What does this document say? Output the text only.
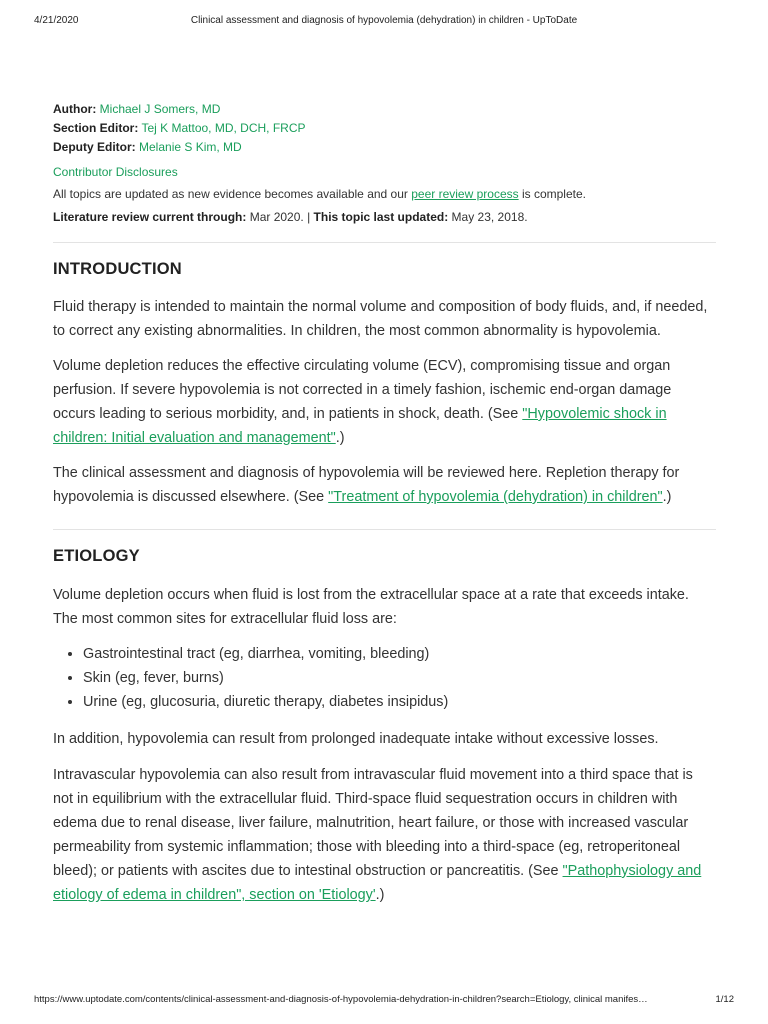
4/21/2020	Clinical assessment and diagnosis of hypovolemia (dehydration) in children - UpToDate
Author: Michael J Somers, MD
Section Editor: Tej K Mattoo, MD, DCH, FRCP
Deputy Editor: Melanie S Kim, MD
Contributor Disclosures
All topics are updated as new evidence becomes available and our peer review process is complete.
Literature review current through: Mar 2020. | This topic last updated: May 23, 2018.
INTRODUCTION

Fluid therapy is intended to maintain the normal volume and composition of body fluids, and, if needed, to correct any existing abnormalities. In children, the most common abnormality is hypovolemia.

Volume depletion reduces the effective circulating volume (ECV), compromising tissue and organ perfusion. If severe hypovolemia is not corrected in a timely fashion, ischemic end-organ damage occurs leading to serious morbidity, and, in patients in shock, death. (See "Hypovolemic shock in children: Initial evaluation and management".)

The clinical assessment and diagnosis of hypovolemia will be reviewed here. Repletion therapy for hypovolemia is discussed elsewhere. (See "Treatment of hypovolemia (dehydration) in children".)

ETIOLOGY

Volume depletion occurs when fluid is lost from the extracellular space at a rate that exceeds intake. The most common sites for extracellular fluid loss are:

• Gastrointestinal tract (eg, diarrhea, vomiting, bleeding)
• Skin (eg, fever, burns)
• Urine (eg, glucosuria, diuretic therapy, diabetes insipidus)

In addition, hypovolemia can result from prolonged inadequate intake without excessive losses.

Intravascular hypovolemia can also result from intravascular fluid movement into a third space that is not in equilibrium with the extracellular fluid. Third-space fluid sequestration occurs in children with edema due to renal disease, liver failure, malnutrition, heart failure, or those with increased vascular permeability from systemic inflammation; those with bleeding into a third-space (eg, retroperitoneal bleed); or patients with ascites due to intestinal obstruction or pancreatitis. (See "Pathophysiology and etiology of edema in children", section on 'Etiology'.)

https://www.uptodate.com/contents/clinical-assessment-and-diagnosis-of-hypovolemia-dehydration-in-children?search=Etiology, clinical manifes…	1/12
